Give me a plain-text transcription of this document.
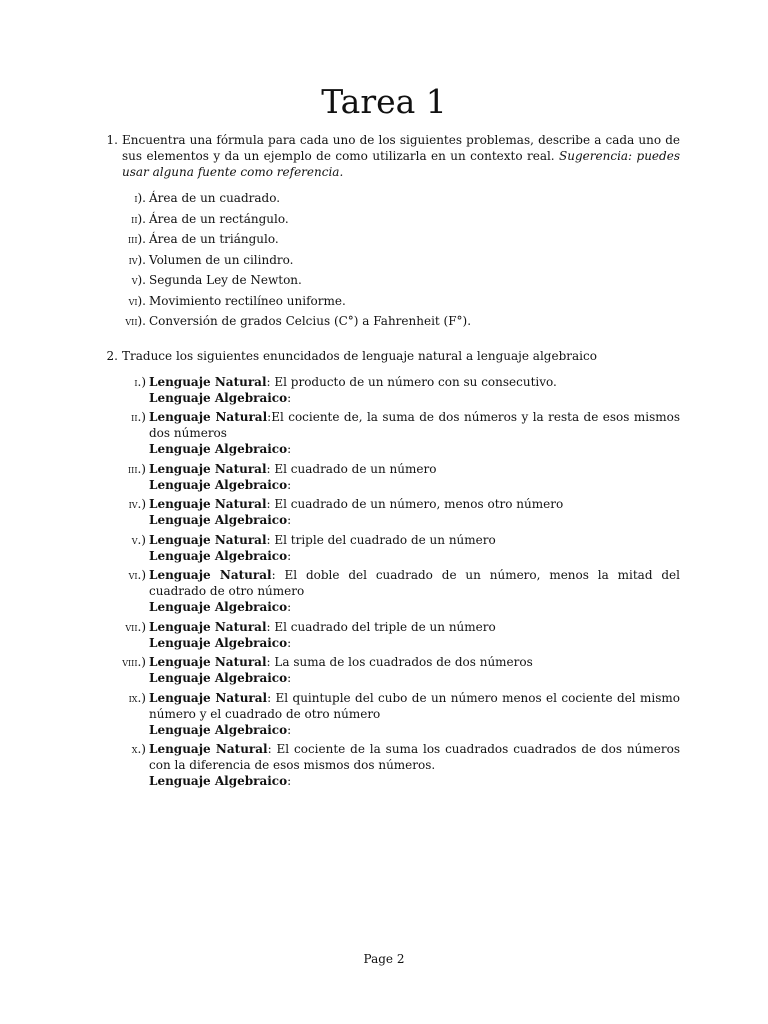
Tarea 1
1. Encuentra una fórmula para cada uno de los siguientes problemas, describe a cada uno de sus elementos y da un ejemplo de como utilizarla en un contexto real. Sugerencia: puedes usar alguna fuente como referencia.
i). Área de un cuadrado.
ii). Área de un rectángulo.
iii). Área de un triángulo.
iv). Volumen de un cilindro.
v). Segunda Ley de Newton.
vi). Movimiento rectilíneo uniforme.
vii). Conversión de grados Celcius (C°) a Fahrenheit (F°).
2. Traduce los siguientes enuncidados de lenguaje natural a lenguaje algebraico
i.) Lenguaje Natural: El producto de un número con su consecutivo.
Lenguaje Algebraico:
ii.) Lenguaje Natural:El cociente de, la suma de dos números y la resta de esos mismos dos números
Lenguaje Algebraico:
iii.) Lenguaje Natural: El cuadrado de un número
Lenguaje Algebraico:
iv.) Lenguaje Natural: El cuadrado de un número, menos otro número
Lenguaje Algebraico:
v.) Lenguaje Natural: El triple del cuadrado de un número
Lenguaje Algebraico:
vi.) Lenguaje Natural: El doble del cuadrado de un número, menos la mitad del cuadrado de otro número
Lenguaje Algebraico:
vii.) Lenguaje Natural: El cuadrado del triple de un número
Lenguaje Algebraico:
viii.) Lenguaje Natural: La suma de los cuadrados de dos números
Lenguaje Algebraico:
ix.) Lenguaje Natural: El quintuple del cubo de un número menos el cociente del mismo número y el cuadrado de otro número
Lenguaje Algebraico:
x.) Lenguaje Natural: El cociente de la suma los cuadrados cuadrados de dos números con la diferencia de esos mismos dos números.
Lenguaje Algebraico:
Page 2
